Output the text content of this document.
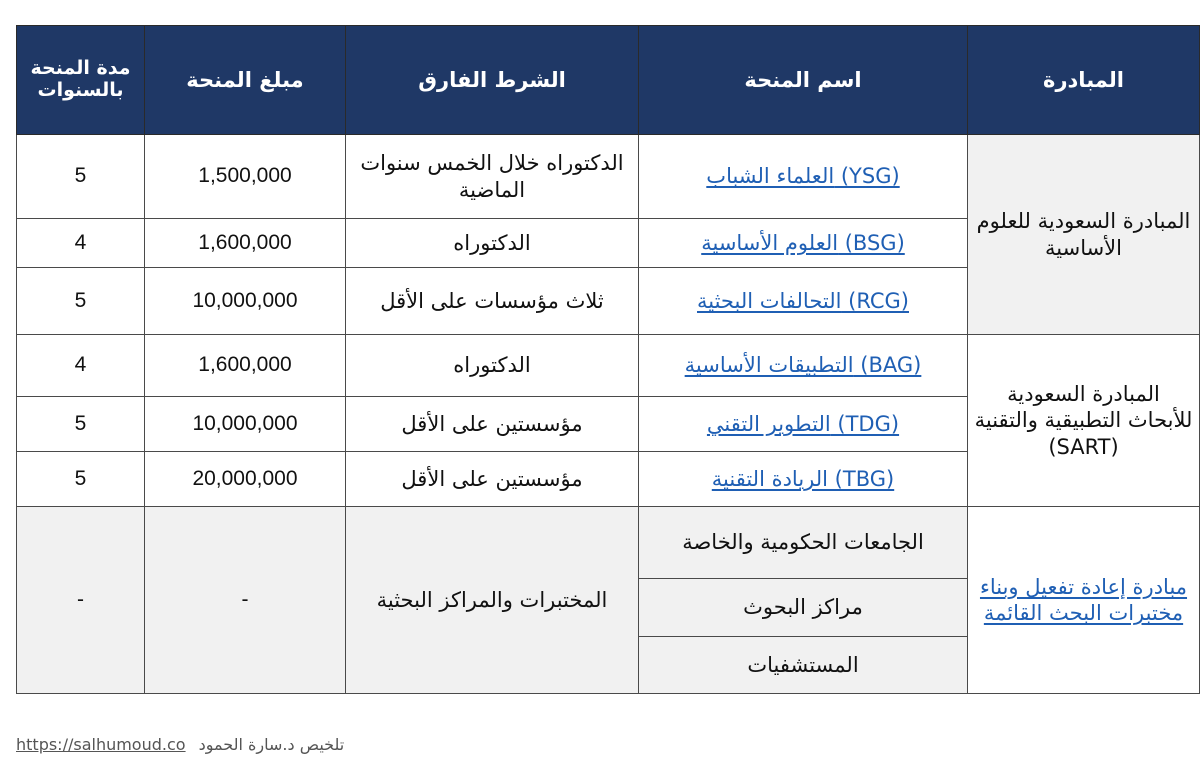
مدة المنحة بالسنوات	مبلغ المنحة	الشرط الفارق	اسم المنحة	المبادرة
5	1,500,000	الدكتوراه خلال الخمس سنوات الماضية	العلماء الشباب (YSG)	المبادرة السعودية للعلوم الأساسية
4	1,600,000	الدكتوراه	العلوم الأساسية (BSG)	
5	10,000,000	ثلاث مؤسسات على الأقل	التحالفات البحثية (RCG)	
4	1,600,000	الدكتوراه	التطبيقات الأساسية (BAG)	المبادرة السعودية للأبحاث التطبيقية والتقنية (SART)
5	10,000,000	مؤسستين على الأقل	التطوير التقني (TDG)	
5	20,000,000	مؤسستين على الأقل	الريادة التقنية (TBG)	
-	-	المختبرات والمراكز البحثية	الجامعات الحكومية والخاصة	مبادرة إعادة تفعيل وبناء مختبرات البحث القائمة
			مراكز البحوث	
			المستشفيات	
https://salhumoud.co تلخيص د.سارة الحمود
